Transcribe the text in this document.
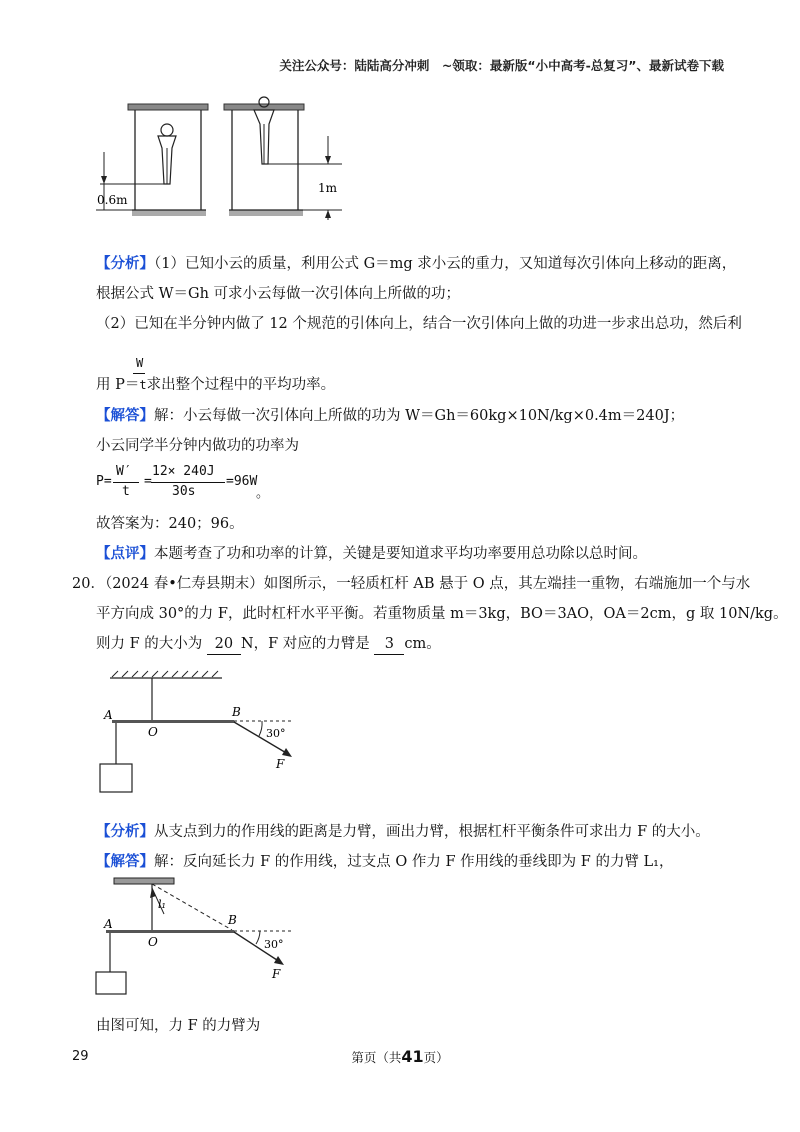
关注公众号：陆陆高分冲刺　~领取：最新版“小中高考-总复习”、最新试卷下载
0.6m
1m
【分析】（1）已知小云的质量，利用公式 G＝mg 求小云的重力，又知道每次引体向上移动的距离，
根据公式 W＝Gh 可求小云每做一次引体向上所做的功；
（2）已知在半分钟内做了 12 个规范的引体向上，结合一次引体向上做的功进一步求出总功，然后利
W
用 P＝t求出整个过程中的平均功率。
【解答】解：小云每做一次引体向上所做的功为 W＝Gh＝60kg×10N/kg×0.4m＝240J；
小云同学半分钟内做功的功率为
P=
W′
t
=
12× 240J
30s
=96W
。
故答案为：240；96。
【点评】本题考查了功和功率的计算，关键是要知道求平均功率要用总功除以总时间。
20．（2024 春•仁寿县期末）如图所示，一轻质杠杆 AB 悬于 O 点，其左端挂一重物，右端施加一个与水
平方向成 30°的力 F，此时杠杆水平平衡。若重物质量 m＝3kg，BO＝3AO，OA＝2cm，g 取 10N/kg。
则力 F 的大小为 20 N，F 对应的力臂是 3 cm。
A
O
B
30°
F
【分析】从支点到力的作用线的距离是力臂，画出力臂，根据杠杆平衡条件可求出力 F 的大小。
【解答】解：反向延长力 F 的作用线，过支点 O 作力 F 作用线的垂线即为 F 的力臂 L₁，
A
O
B
l₁
30°
F
由图可知，力 F 的力臂为
29	第页（共41页）
